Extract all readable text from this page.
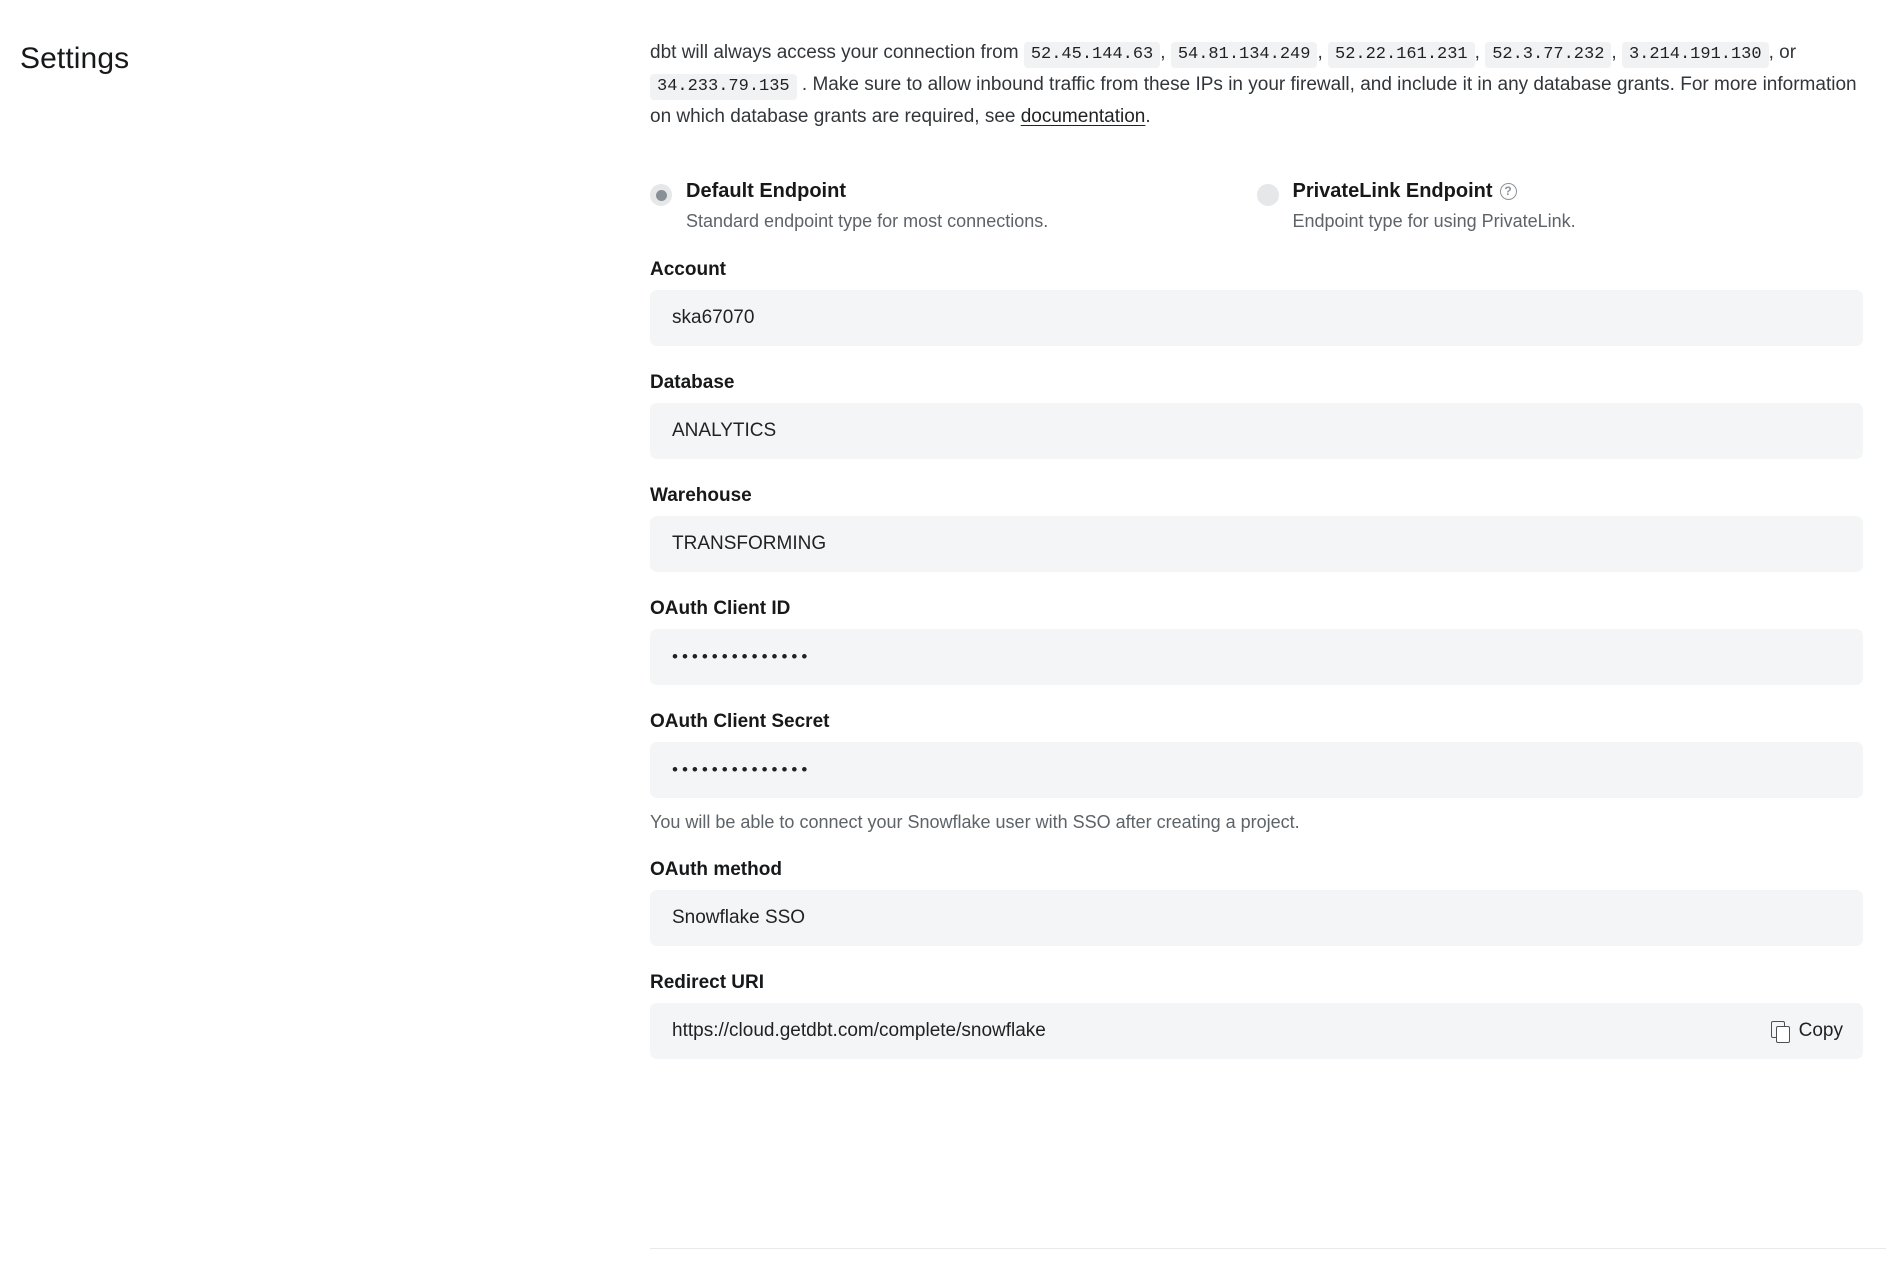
Settings	dbt will always access your connection from 52.45.144.63 , 54.81.134.249 , 52.22.161.231 , 52.3.77.232 , 3.214.191.130 , or 34.233.79.135 . Make sure to allow inbound traffic from these IPs in your firewall, and include it in any database grants. For more information on which database grants are required, see documentation.
Default Endpoint
Standard endpoint type for most connections.
PrivateLink Endpoint ?
Endpoint type for using PrivateLink.
Account
ska67070
Database
ANALYTICS
Warehouse
TRANSFORMING
OAuth Client ID
••••••••••••••
OAuth Client Secret
••••••••••••••
You will be able to connect your Snowflake user with SSO after creating a project.
OAuth method
Snowflake SSO
Redirect URI
https://cloud.getdbt.com/complete/snowflake	Copy
